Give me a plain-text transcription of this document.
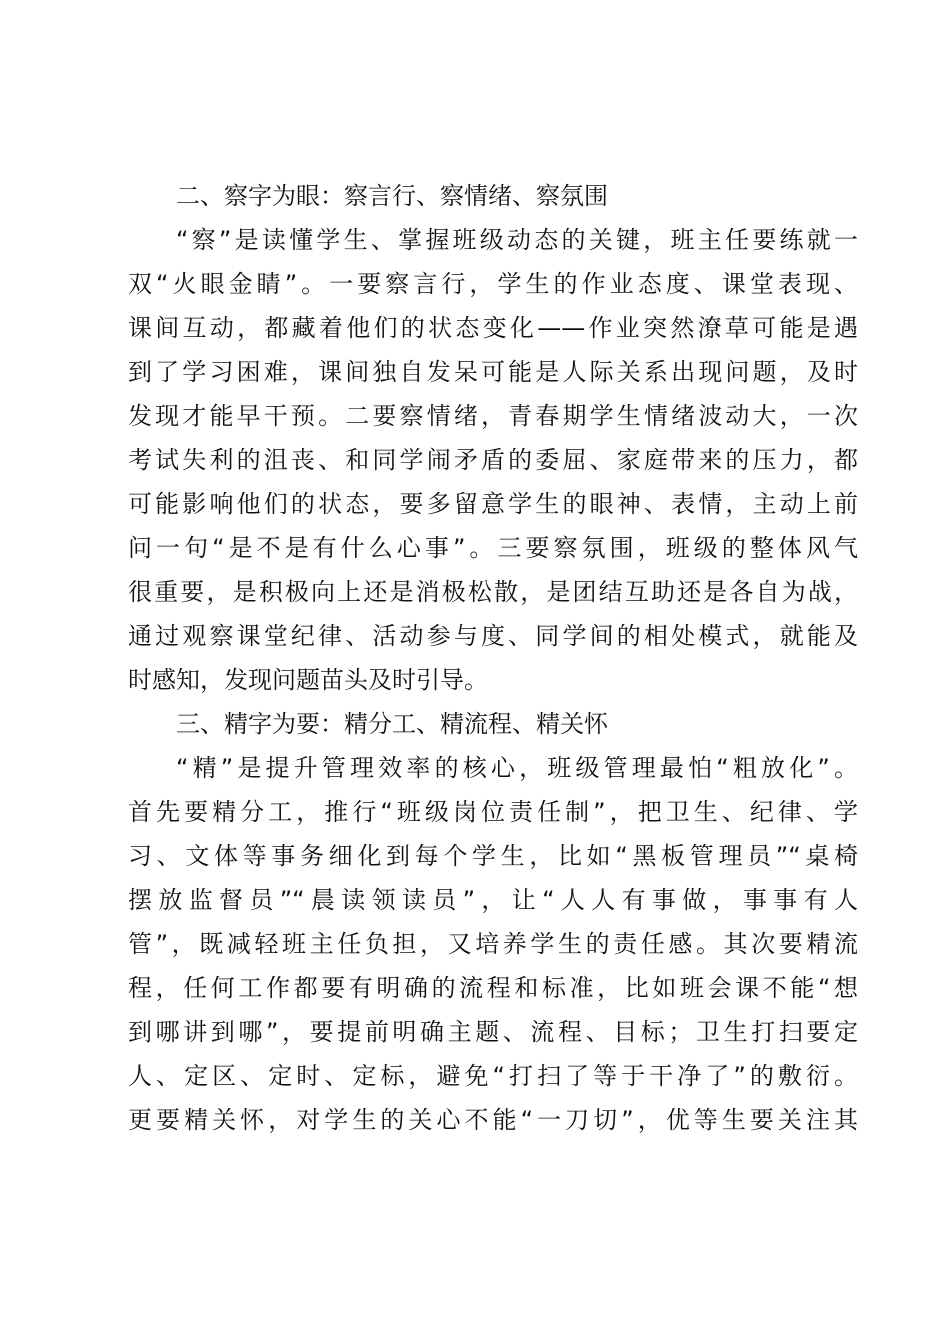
二、察字为眼：察言行、察情绪、察氛围

“察”是读懂学生、掌握班级动态的关键，班主任要练就一
双“火眼金睛”。一要察言行，学生的作业态度、课堂表现、
课间互动，都藏着他们的状态变化——作业突然潦草可能是遇
到了学习困难，课间独自发呆可能是人际关系出现问题，及时
发现才能早干预。二要察情绪，青春期学生情绪波动大，一次
考试失利的沮丧、和同学闹矛盾的委屈、家庭带来的压力，都
可能影响他们的状态，要多留意学生的眼神、表情，主动上前
问一句“是不是有什么心事”。三要察氛围，班级的整体风气
很重要，是积极向上还是消极松散，是团结互助还是各自为战，
通过观察课堂纪律、活动参与度、同学间的相处模式，就能及
时感知，发现问题苗头及时引导。

三、精字为要：精分工、精流程、精关怀

“精”是提升管理效率的核心，班级管理最怕“粗放化”。
首先要精分工，推行“班级岗位责任制”，把卫生、纪律、学
习、文体等事务细化到每个学生，比如“黑板管理员”“桌椅
摆放监督员”“晨读领读员”，让“人人有事做，事事有人
管”，既减轻班主任负担，又培养学生的责任感。其次要精流
程，任何工作都要有明确的流程和标准，比如班会课不能“想
到哪讲到哪”，要提前明确主题、流程、目标；卫生打扫要定
人、定区、定时、定标，避免“打扫了等于干净了”的敷衍。
更要精关怀，对学生的关心不能“一刀切”，优等生要关注其
